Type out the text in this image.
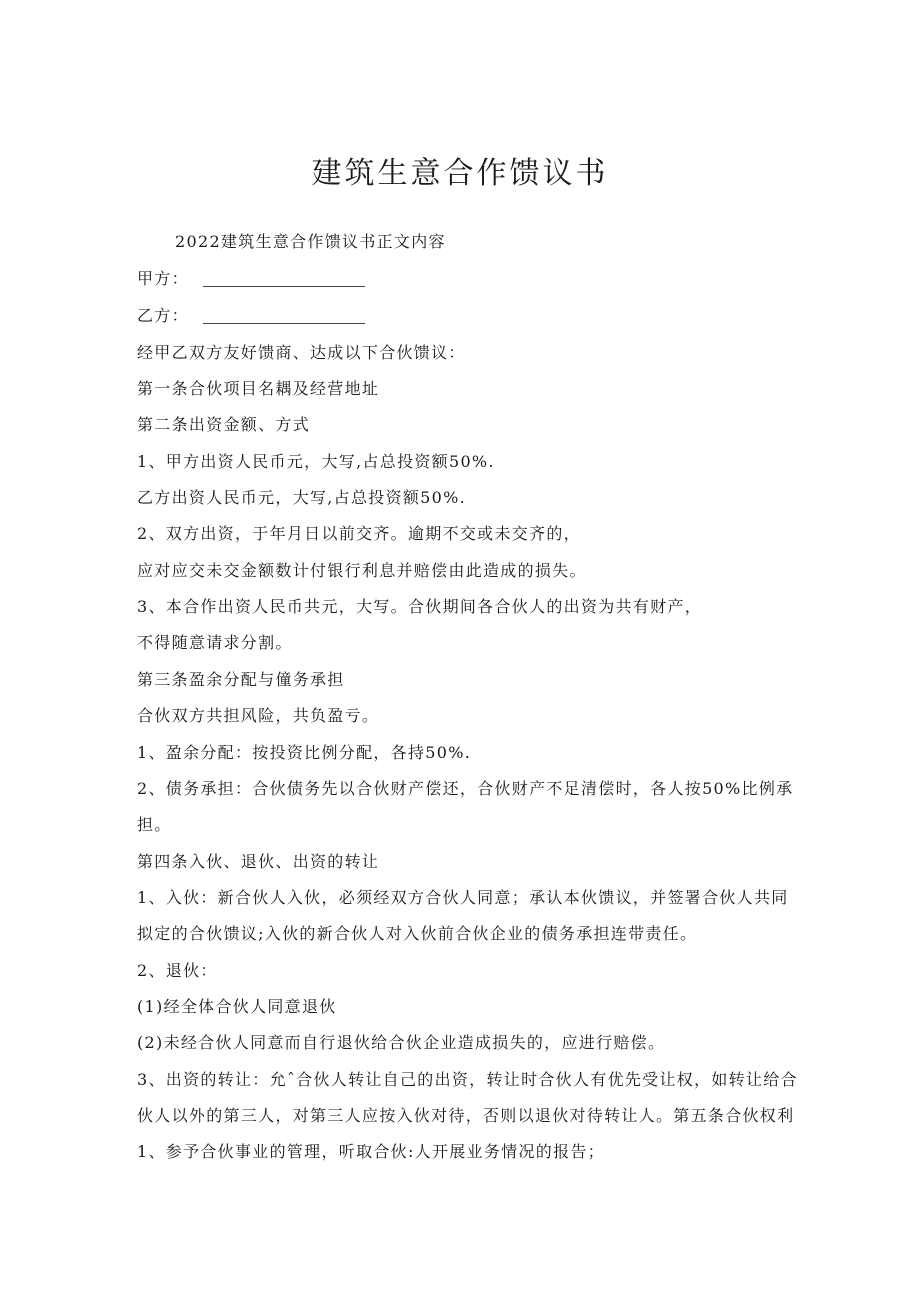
建筑生意合作馈议书
2022建筑生意合作馈议书正文内容
甲方：
乙方：
经甲乙双方友好馈商、达成以下合伙馈议：
第一条合伙项目名耦及经营地址
第二条出资金额、方式
1、甲方出资人民币元，大写,占总投资额50%.
乙方出资人民币元，大写,占总投资额50%.
2、双方出资，于年月日以前交齐。逾期不交或未交齐的，
应对应交未交金额数计付银行利息并赔偿由此造成的损失。
3、本合作出资人民币共元，大写。合伙期间各合伙人的出资为共有财产，
不得随意请求分割。
第三条盈余分配与僮务承担
合伙双方共担风险，共负盈亏。
1、盈余分配：按投资比例分配，各持50%.
2、债务承担：合伙债务先以合伙财产偿还，合伙财产不足清偿时，各人按50%比例承
担。
第四条入伙、退伙、出资的转让
1、入伙：新合伙人入伙，必须经双方合伙人同意；承认本伙馈议，并签署合伙人共同
拟定的合伙馈议;入伙的新合伙人对入伙前合伙企业的债务承担连带责任。
2、退伙：
(1)经全体合伙人同意退伙
(2)未经合伙人同意而自行退伙给合伙企业造成损失的，应进行赔偿。
3、出资的转让：允ˆ合伙人转让自己的出资，转让时合伙人有优先受让权，如转让给合
伙人以外的第三人，对第三人应按入伙对待，否则以退伙对待转让人。第五条合伙权利
1、参予合伙事业的管理，听取合伙:人开展业务情况的报告；
